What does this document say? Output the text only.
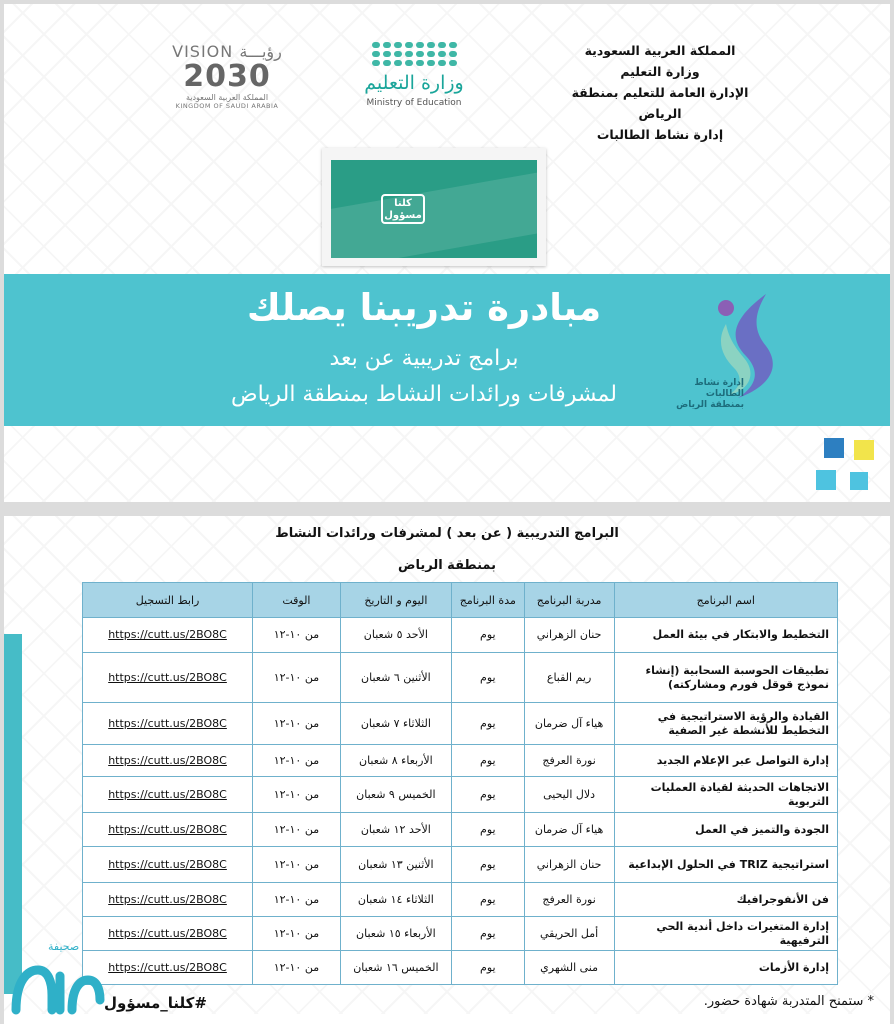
المملكة العربية السعودية
وزارة التعليم
الإدارة العامة للتعليم بمنطقة الرياض
إدارة نشاط الطالبات
وزارة التعليم
Ministry of Education
VISION رؤيـــة
2030
المملكة العربية السعودية
KINGDOM OF SAUDI ARABIA
كلنا
مسؤول
مبادرة تدريبنا يصلك
برامج تدريبية عن بعد
لمشرفات ورائدات النشاط بمنطقة الرياض	إدارة نشاط الطالبات
بمنطقة الرياض
البرامج التدريبية ( عن بعد ) لمشرفات ورائدات النشاط
بمنطقة الرياض
اسم البرنامج	مدربة البرنامج	مدة البرنامج	اليوم و التاريخ	الوقت	رابط التسجيل
التخطيط والابتكار في بيئة العمل	حنان الزهراني	يوم	الأحد ٥ شعبان	من ١٠-١٢	https://cutt.us/2BO8C
تطبيقات الحوسبة السحابية (إنشاء نموذج قوقل فورم ومشاركته)	ريم القباع	يوم	الأثنين ٦ شعبان	من ١٠-١٢	https://cutt.us/2BO8C
القيادة والرؤية الاستراتيجية في التخطيط للأنشطة غير الصفية	هياء آل ضرمان	يوم	الثلاثاء ٧ شعبان	من ١٠-١٢	https://cutt.us/2BO8C
إدارة التواصل عبر الإعلام الجديد	نورة العرفج	يوم	الأربعاء ٨ شعبان	من ١٠-١٢	https://cutt.us/2BO8C
الاتجاهات الحديثة لقيادة العمليات التربوية	دلال اليحيى	يوم	الخميس ٩ شعبان	من ١٠-١٢	https://cutt.us/2BO8C
الجودة والتميز في العمل	هياء آل ضرمان	يوم	الأحد ١٢ شعبان	من ١٠-١٢	https://cutt.us/2BO8C
استراتيجية TRIZ في الحلول الإبداعية	حنان الزهراني	يوم	الأثنين ١٣ شعبان	من ١٠-١٢	https://cutt.us/2BO8C
فن الأنفوجرافيك	نورة العرفج	يوم	الثلاثاء ١٤ شعبان	من ١٠-١٢	https://cutt.us/2BO8C
إدارة المتغيرات داخل أندية الحي الترفيهية	أمل الحريقي	يوم	الأربعاء ١٥ شعبان	من ١٠-١٢	https://cutt.us/2BO8C
إدارة الأزمات	منى الشهري	يوم	الخميس ١٦ شعبان	من ١٠-١٢	https://cutt.us/2BO8C
* ستمنح المتدربة شهادة حضور.
#كلنا_مسؤول
صحيفة
